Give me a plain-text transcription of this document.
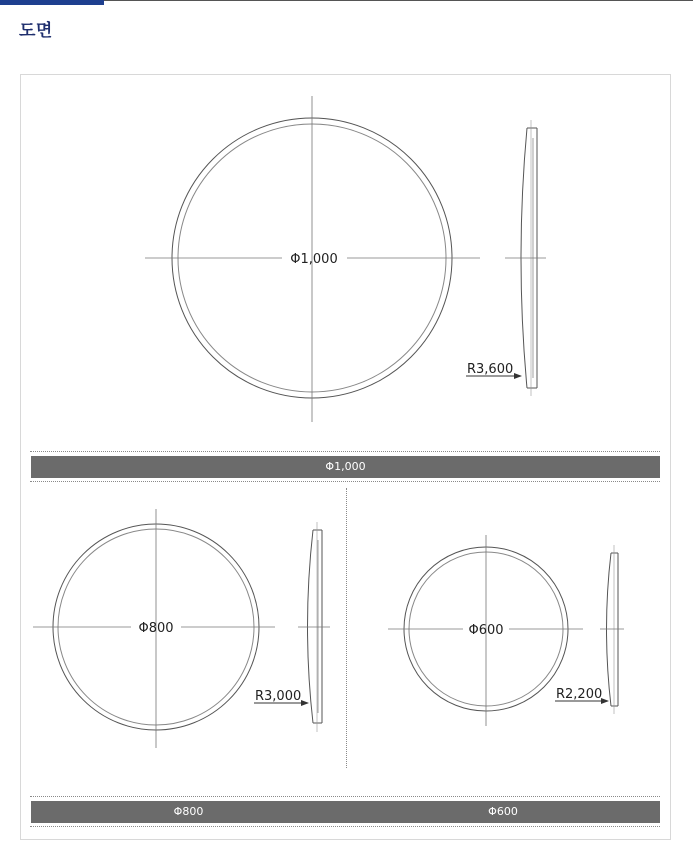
도면
Φ1,000
R3,600
Φ800
R3,000
Φ600
R2,200
Φ1,000
Φ800	Φ600
